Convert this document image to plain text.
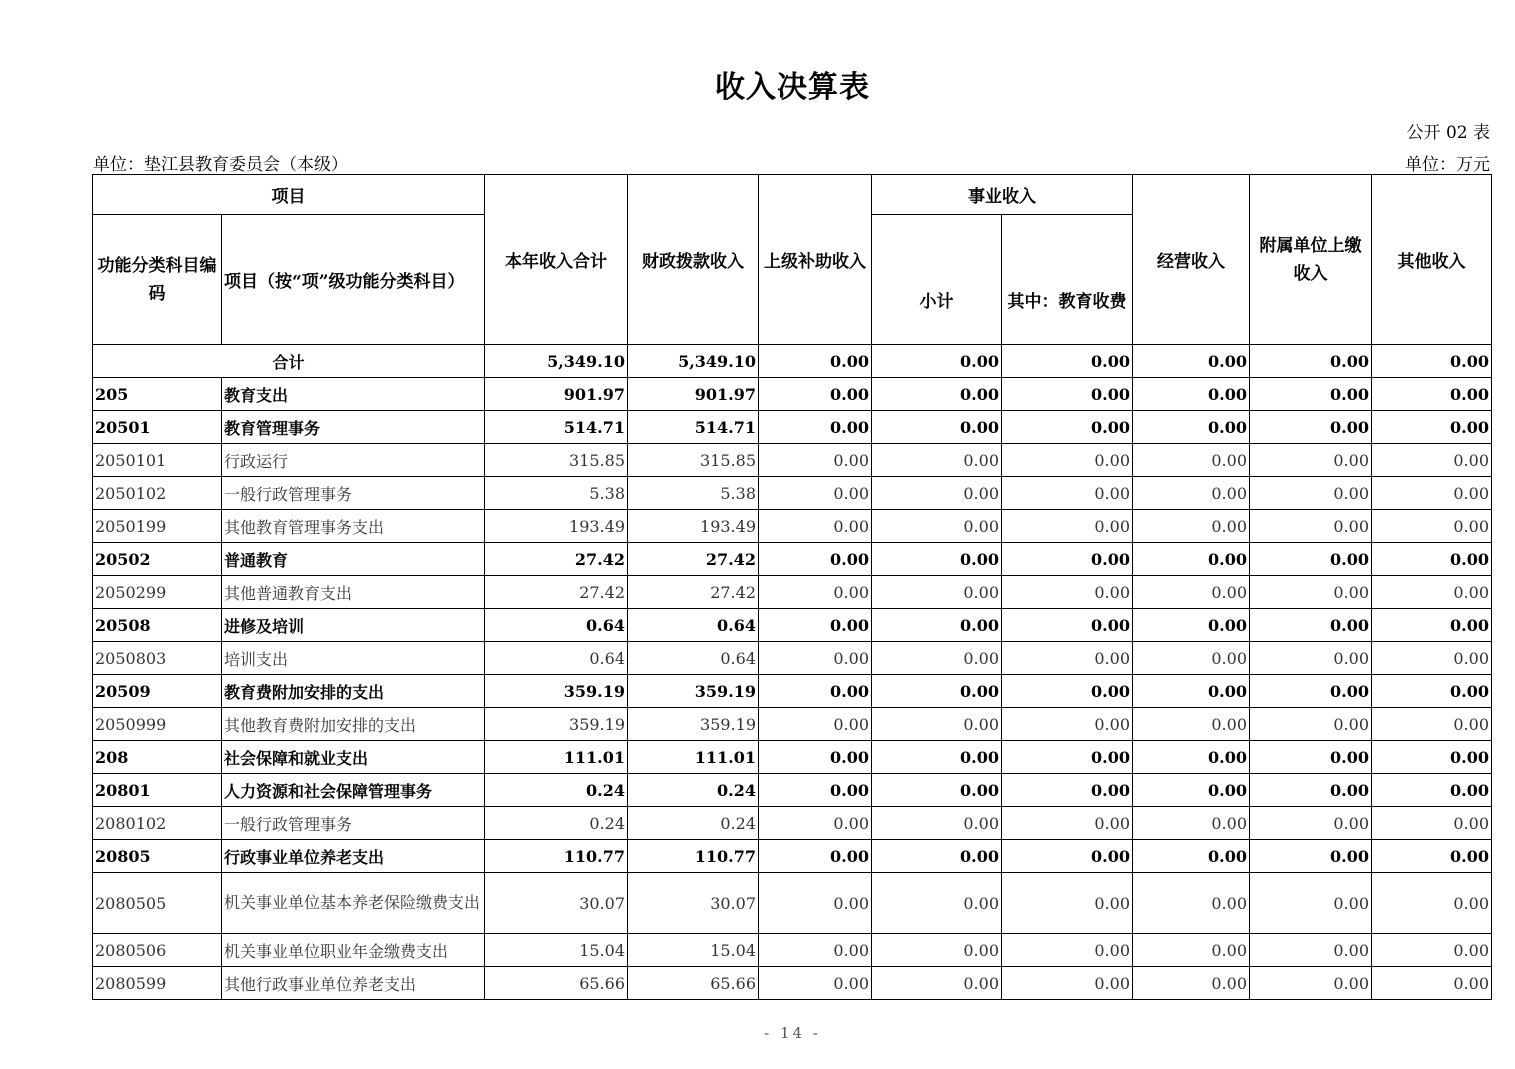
收入决算表
公开 02 表
单位：垫江县教育委员会（本级）	单位：万元
项目		本年收入合计	财政拨款收入	上级补助收入	事业收入		经营收入	附属单位上缴收入	其他收入
功能分类科目编码	项目（按“项”级功能分类科目）				小计	其中：教育收费			
合计		5,349.10	5,349.10	0.00	0.00	0.00	0.00	0.00	0.00
205	教育支出	901.97	901.97	0.00	0.00	0.00	0.00	0.00	0.00
20501	教育管理事务	514.71	514.71	0.00	0.00	0.00	0.00	0.00	0.00
2050101	行政运行	315.85	315.85	0.00	0.00	0.00	0.00	0.00	0.00
2050102	一般行政管理事务	5.38	5.38	0.00	0.00	0.00	0.00	0.00	0.00
2050199	其他教育管理事务支出	193.49	193.49	0.00	0.00	0.00	0.00	0.00	0.00
20502	普通教育	27.42	27.42	0.00	0.00	0.00	0.00	0.00	0.00
2050299	其他普通教育支出	27.42	27.42	0.00	0.00	0.00	0.00	0.00	0.00
20508	进修及培训	0.64	0.64	0.00	0.00	0.00	0.00	0.00	0.00
2050803	培训支出	0.64	0.64	0.00	0.00	0.00	0.00	0.00	0.00
20509	教育费附加安排的支出	359.19	359.19	0.00	0.00	0.00	0.00	0.00	0.00
2050999	其他教育费附加安排的支出	359.19	359.19	0.00	0.00	0.00	0.00	0.00	0.00
208	社会保障和就业支出	111.01	111.01	0.00	0.00	0.00	0.00	0.00	0.00
20801	人力资源和社会保障管理事务	0.24	0.24	0.00	0.00	0.00	0.00	0.00	0.00
2080102	一般行政管理事务	0.24	0.24	0.00	0.00	0.00	0.00	0.00	0.00
20805	行政事业单位养老支出	110.77	110.77	0.00	0.00	0.00	0.00	0.00	0.00
2080505	机关事业单位基本养老保险缴费支出	30.07	30.07	0.00	0.00	0.00	0.00	0.00	0.00
2080506	机关事业单位职业年金缴费支出	15.04	15.04	0.00	0.00	0.00	0.00	0.00	0.00
2080599	其他行政事业单位养老支出	65.66	65.66	0.00	0.00	0.00	0.00	0.00	0.00
- 14 -
